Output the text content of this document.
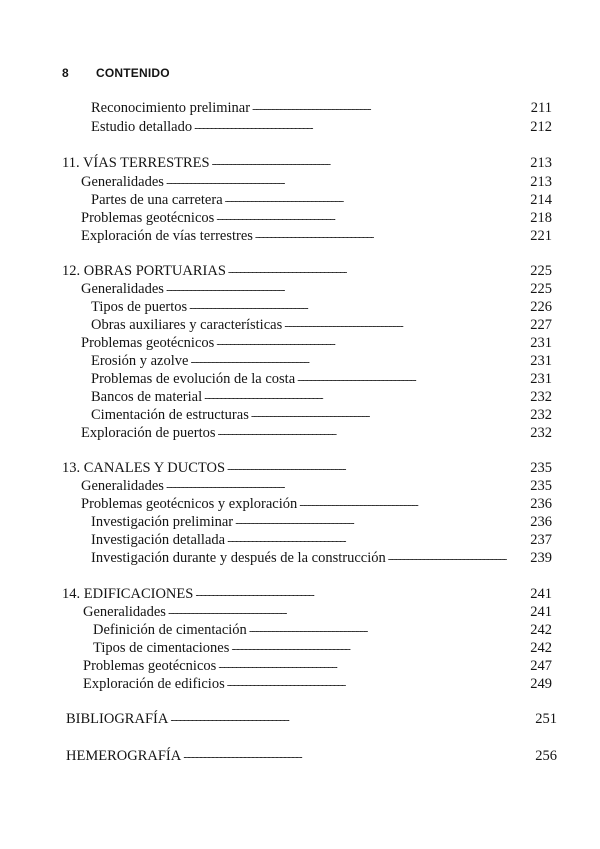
8 CONTENIDO
Reconocimiento preliminar . . .	211
Estudio detallado . . .	212
11. VÍAS TERRESTRES . . .	213
Generalidades . . .	213
Partes de una carretera . . .	214
Problemas geotécnicos . . .	218
Exploración de vías terrestres . . .	221
12. OBRAS PORTUARIAS . . .	225
Generalidades . . .	225
Tipos de puertos . . .	226
Obras auxiliares y características . . .	227
Problemas geotécnicos . . .	231
Erosión y azolve . . .	231
Problemas de evolución de la costa . . .	231
Bancos de material . . .	232
Cimentación de estructuras . . .	232
Exploración de puertos . . .	232
13. CANALES Y DUCTOS . . .	235
Generalidades . . .	235
Problemas geotécnicos y exploración . . .	236
Investigación preliminar . . .	236
Investigación detallada . . .	237
Investigación durante y después de la construcción . . .	239
14. EDIFICACIONES . . .	241
Generalidades . . .	241
Definición de cimentación . . .	242
Tipos de cimentaciones . . .	242
Problemas geotécnicos . . .	247
Exploración de edificios . . .	249
BIBLIOGRAFÍA . . .	251
HEMEROGRAFÍA . . .	256
